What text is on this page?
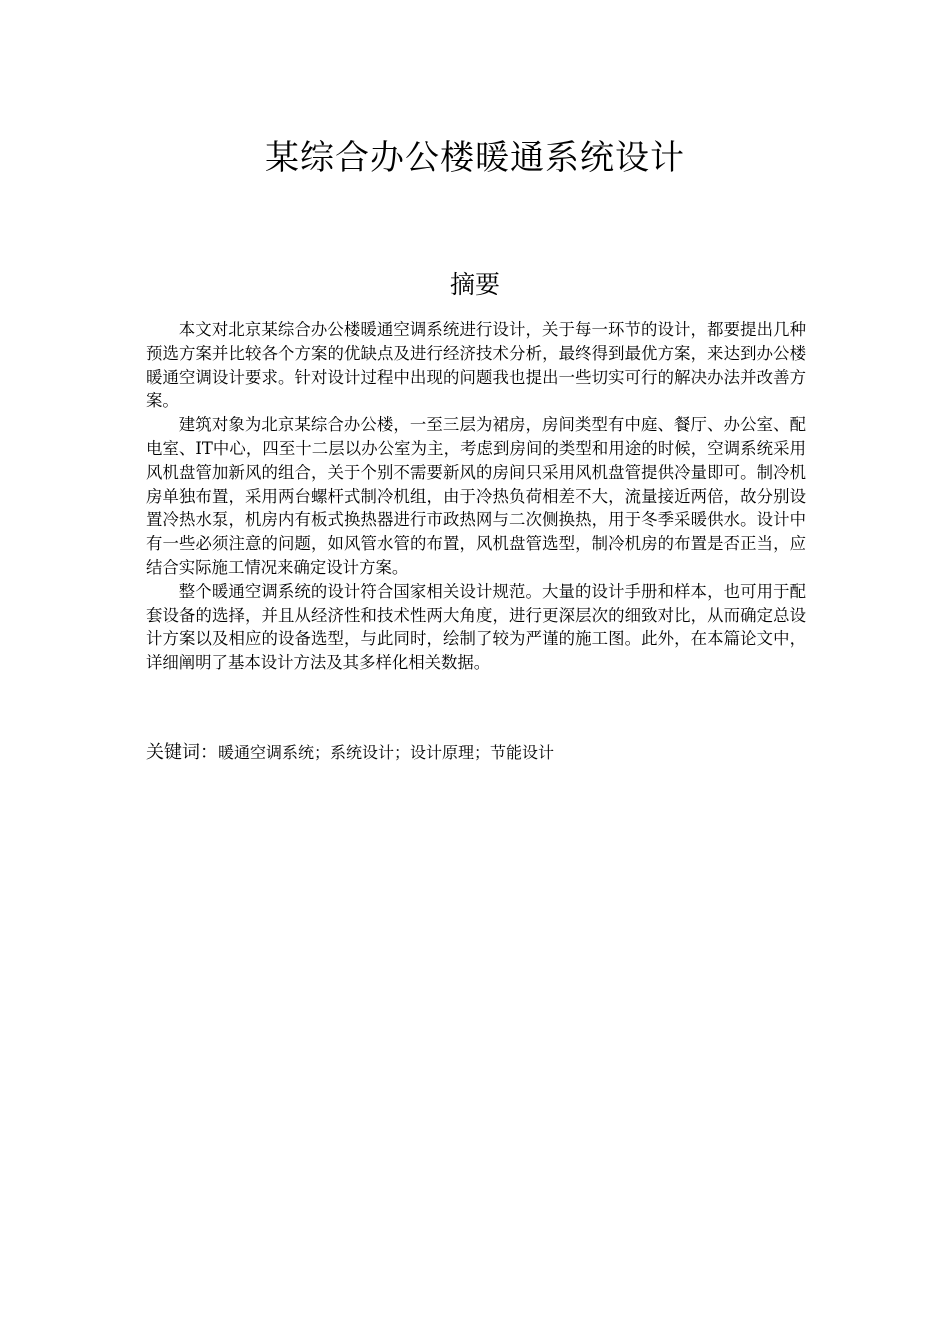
某综合办公楼暖通系统设计
摘要

本文对北京某综合办公楼暖通空调系统进行设计，关于每一环节的设计，都要提出几种预选方案并比较各个方案的优缺点及进行经济技术分析，最终得到最优方案，来达到办公楼暖通空调设计要求。针对设计过程中出现的问题我也提出一些切实可行的解决办法并改善方案。

建筑对象为北京某综合办公楼，一至三层为裙房，房间类型有中庭、餐厅、办公室、配电室、IT中心，四至十二层以办公室为主，考虑到房间的类型和用途的时候，空调系统采用风机盘管加新风的组合，关于个别不需要新风的房间只采用风机盘管提供冷量即可。制冷机房单独布置，采用两台螺杆式制冷机组，由于冷热负荷相差不大，流量接近两倍，故分别设置冷热水泵，机房内有板式换热器进行市政热网与二次侧换热，用于冬季采暖供水。设计中有一些必须注意的问题，如风管水管的布置，风机盘管选型，制冷机房的布置是否正当，应结合实际施工情况来确定设计方案。

整个暖通空调系统的设计符合国家相关设计规范。大量的设计手册和样本，也可用于配套设备的选择，并且从经济性和技术性两大角度，进行更深层次的细致对比，从而确定总设计方案以及相应的设备选型，与此同时，绘制了较为严谨的施工图。此外，在本篇论文中，详细阐明了基本设计方法及其多样化相关数据。

关键词：暖通空调系统；系统设计；设计原理；节能设计
